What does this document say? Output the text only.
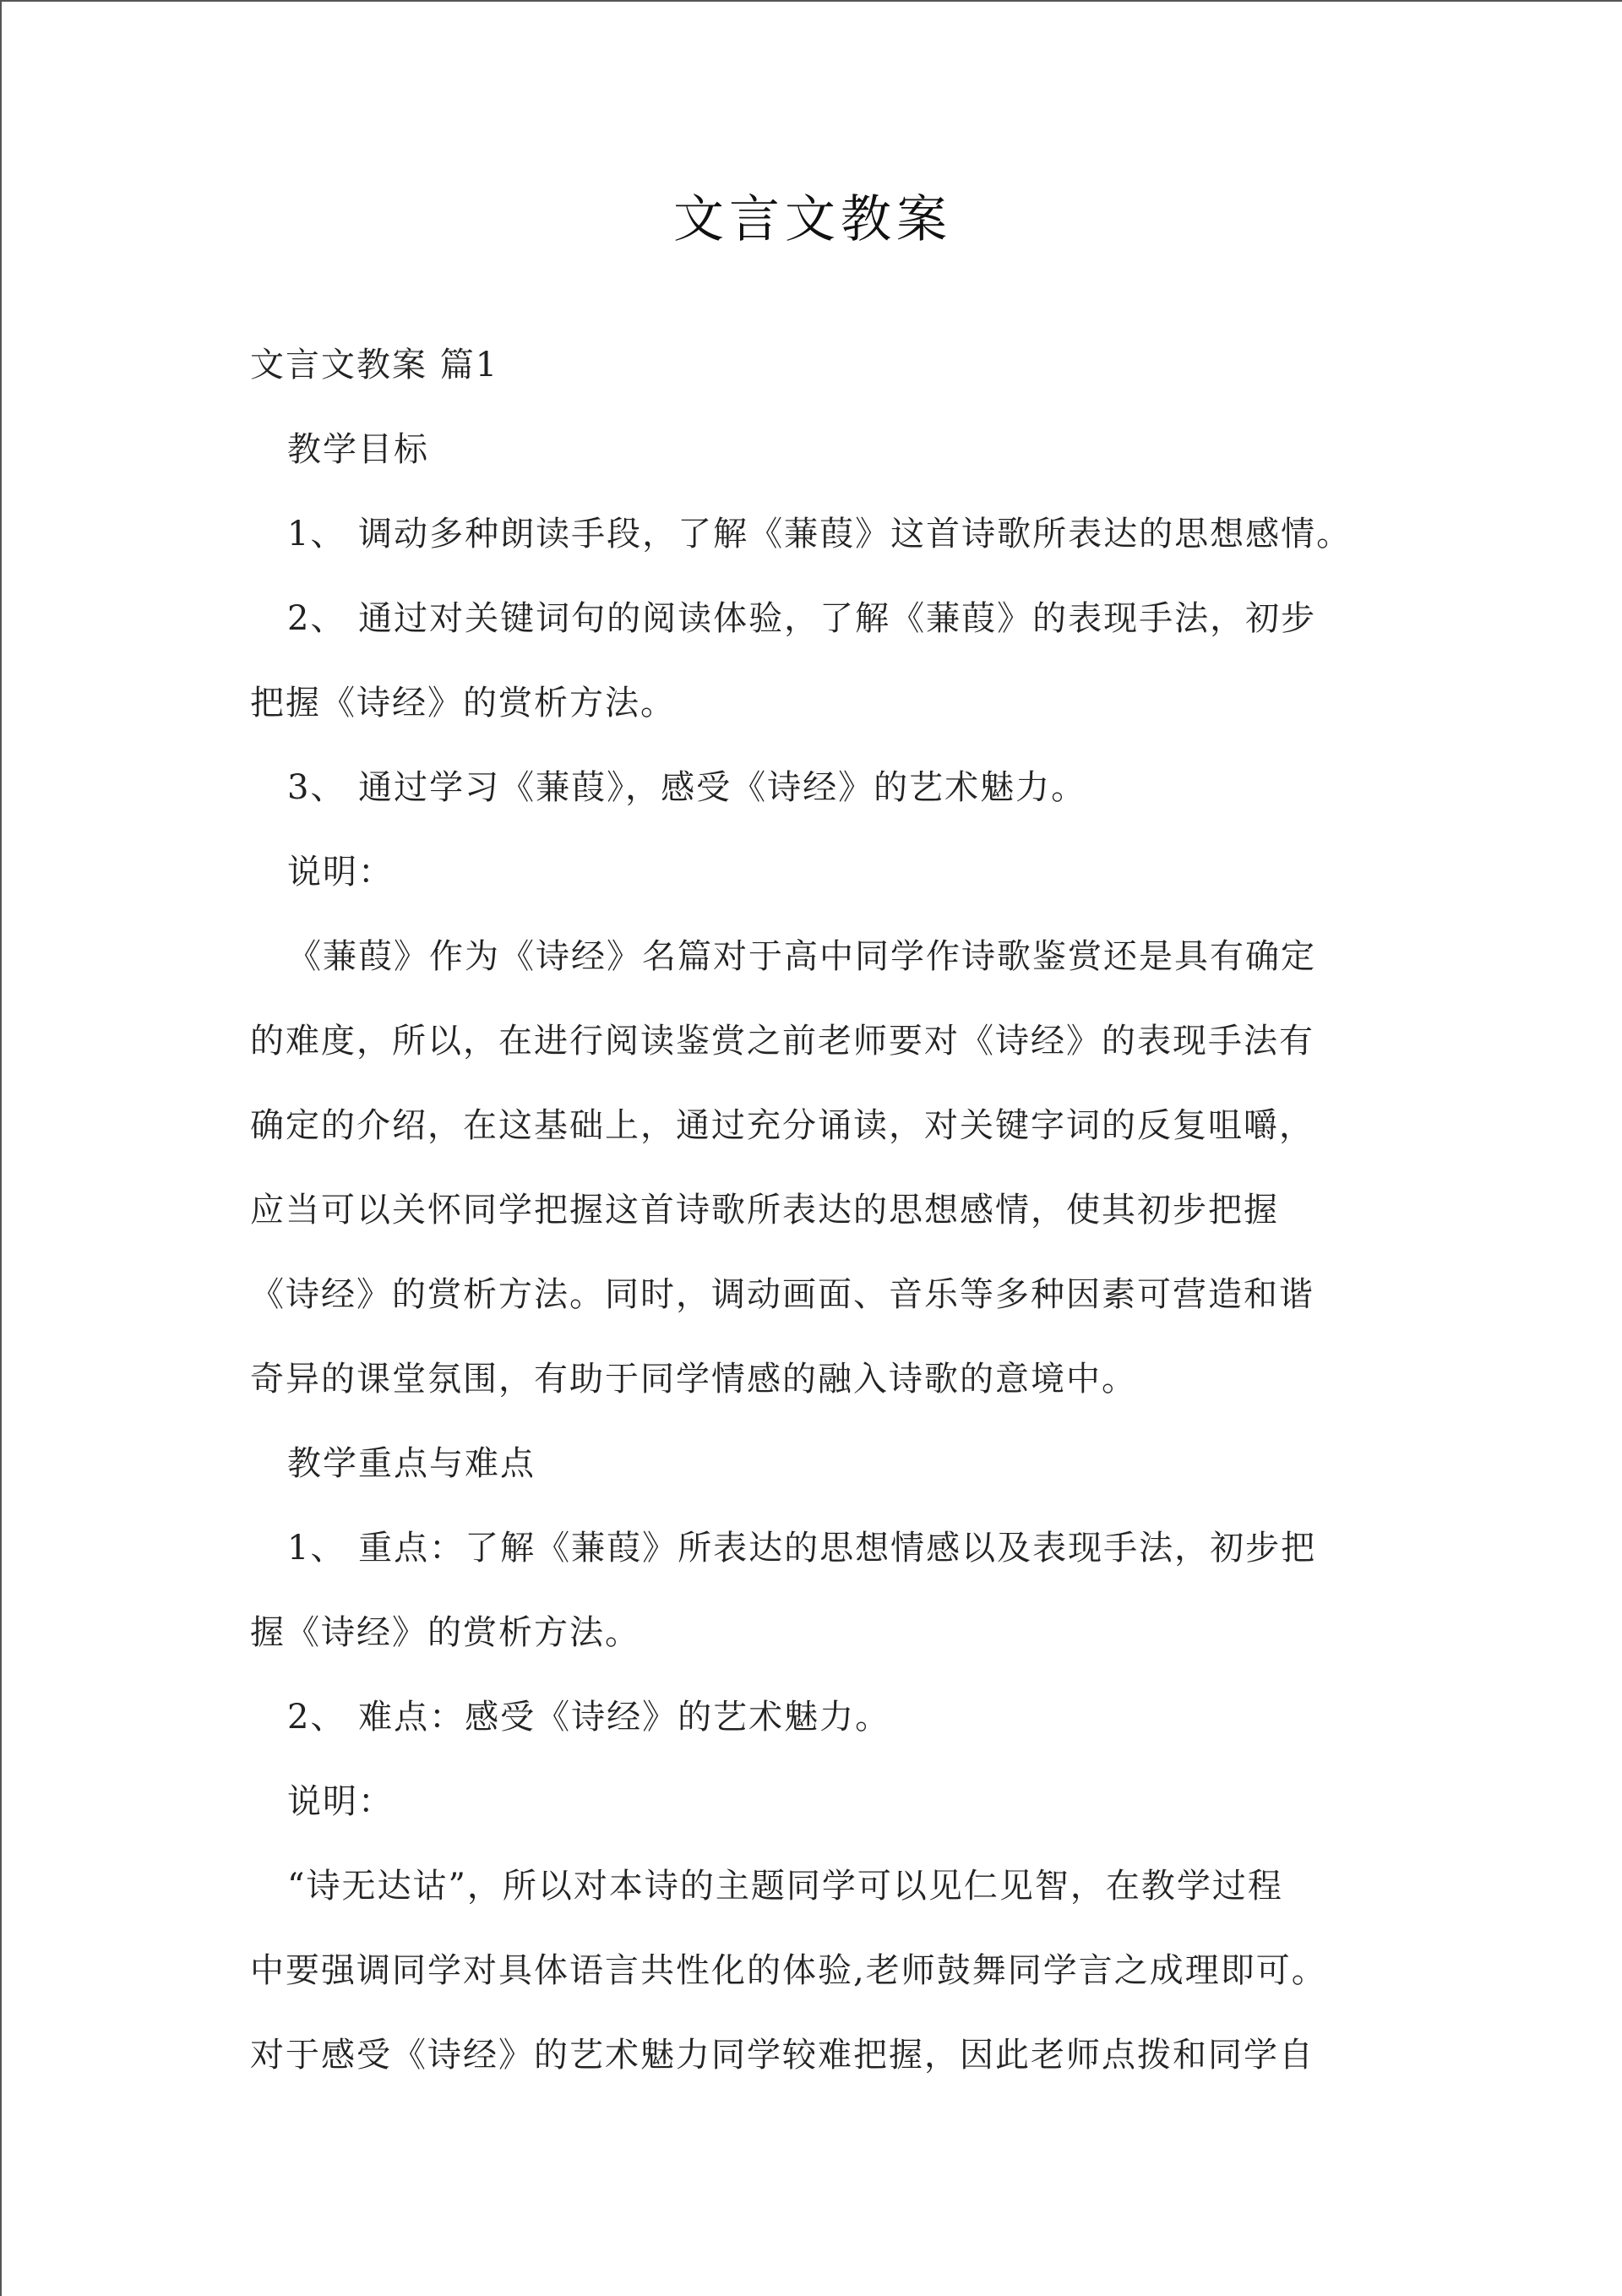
文言文教案
文言文教案 篇1
教学目标
1、 调动多种朗读手段，了解《蒹葭》这首诗歌所表达的思想感情。
2、 通过对关键词句的阅读体验，了解《蒹葭》的表现手法，初步
把握《诗经》的赏析方法。
3、 通过学习《蒹葭》，感受《诗经》的艺术魅力。
说明：
《蒹葭》作为《诗经》名篇对于高中同学作诗歌鉴赏还是具有确定
的难度，所以，在进行阅读鉴赏之前老师要对《诗经》的表现手法有
确定的介绍，在这基础上，通过充分诵读，对关键字词的反复咀嚼，
应当可以关怀同学把握这首诗歌所表达的思想感情，使其初步把握
《诗经》的赏析方法。同时，调动画面、音乐等多种因素可营造和谐
奇异的课堂氛围，有助于同学情感的融入诗歌的意境中。
教学重点与难点
1、 重点：了解《蒹葭》所表达的思想情感以及表现手法，初步把
握《诗经》的赏析方法。
2、 难点：感受《诗经》的艺术魅力。
说明：
“诗无达诂”，所以对本诗的主题同学可以见仁见智，在教学过程
中要强调同学对具体语言共性化的体验,老师鼓舞同学言之成理即可。
对于感受《诗经》的艺术魅力同学较难把握，因此老师点拨和同学自
